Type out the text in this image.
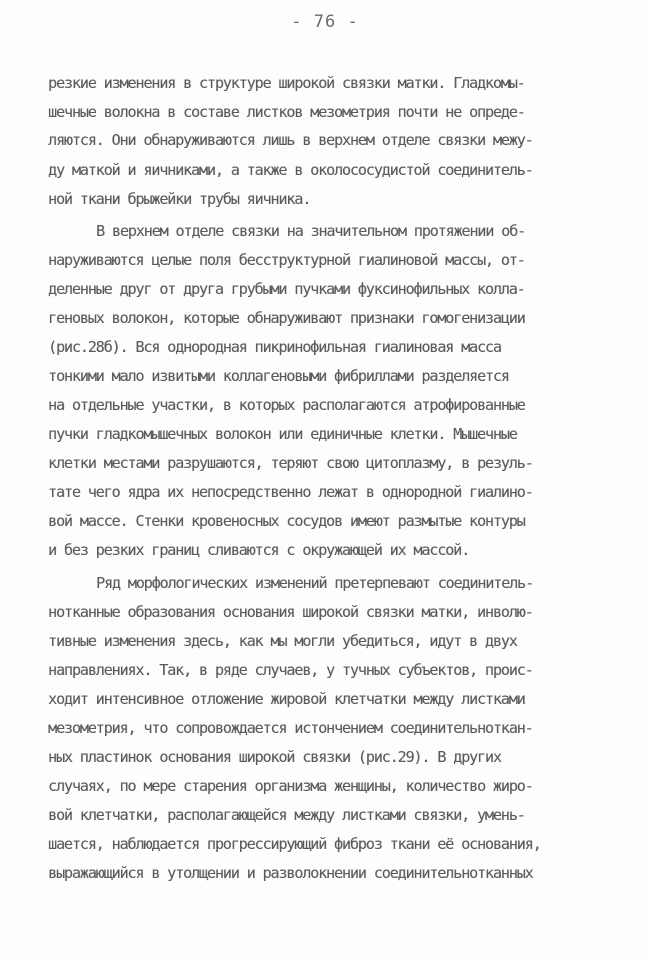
- 76 -
резкие изменения в структуре широкой связки матки. Гладкомы-
шечные волокна в составе листков мезометрия почти не опреде-
ляются. Они обнаруживаются лишь в верхнем отделе связки межу-
ду маткой и яичниками, а также в околососудистой соединитель-
ной ткани брыжейки трубы яичника.
В верхнем отделе связки на значительном протяжении об-
наруживаются целые поля бесструктурной гиалиновой массы, от-
деленные друг от друга грубыми пучками фуксинофильных колла-
геновых волокон, которые обнаруживают признаки гомогенизации
(рис.28б). Вся однородная пикринофильная гиалиновая масса
тонкими мало извитыми коллагеновыми фибриллами разделяется
на отдельные участки, в которых располагаются атрофированные
пучки гладкомышечных волокон или единичные клетки. Мышечные
клетки местами разрушаются, теряют свою цитоплазму, в резуль-
тате чего ядра их непосредственно лежат в однородной гиалино-
вой массе. Стенки кровеносных сосудов имеют размытые контуры
и без резких границ сливаются с окружающей их массой.
Ряд морфологических изменений претерпевают соединитель-
нотканные образования основания широкой связки матки, инволю-
тивные изменения здесь, как мы могли убедиться, идут в двух
направлениях. Так, в ряде случаев, у тучных субъектов, проис-
ходит интенсивное отложение жировой клетчатки между листками
мезометрия, что сопровождается истончением соединительноткан-
ных пластинок основания широкой связки (рис.29). В других
случаях, по мере старения организма женщины, количество жиро-
вой клетчатки, располагающейся между листками связки, умень-
шается, наблюдается прогрессирующий фиброз ткани её основания,
выражающийся в утолщении и разволокнении соединительнотканных
